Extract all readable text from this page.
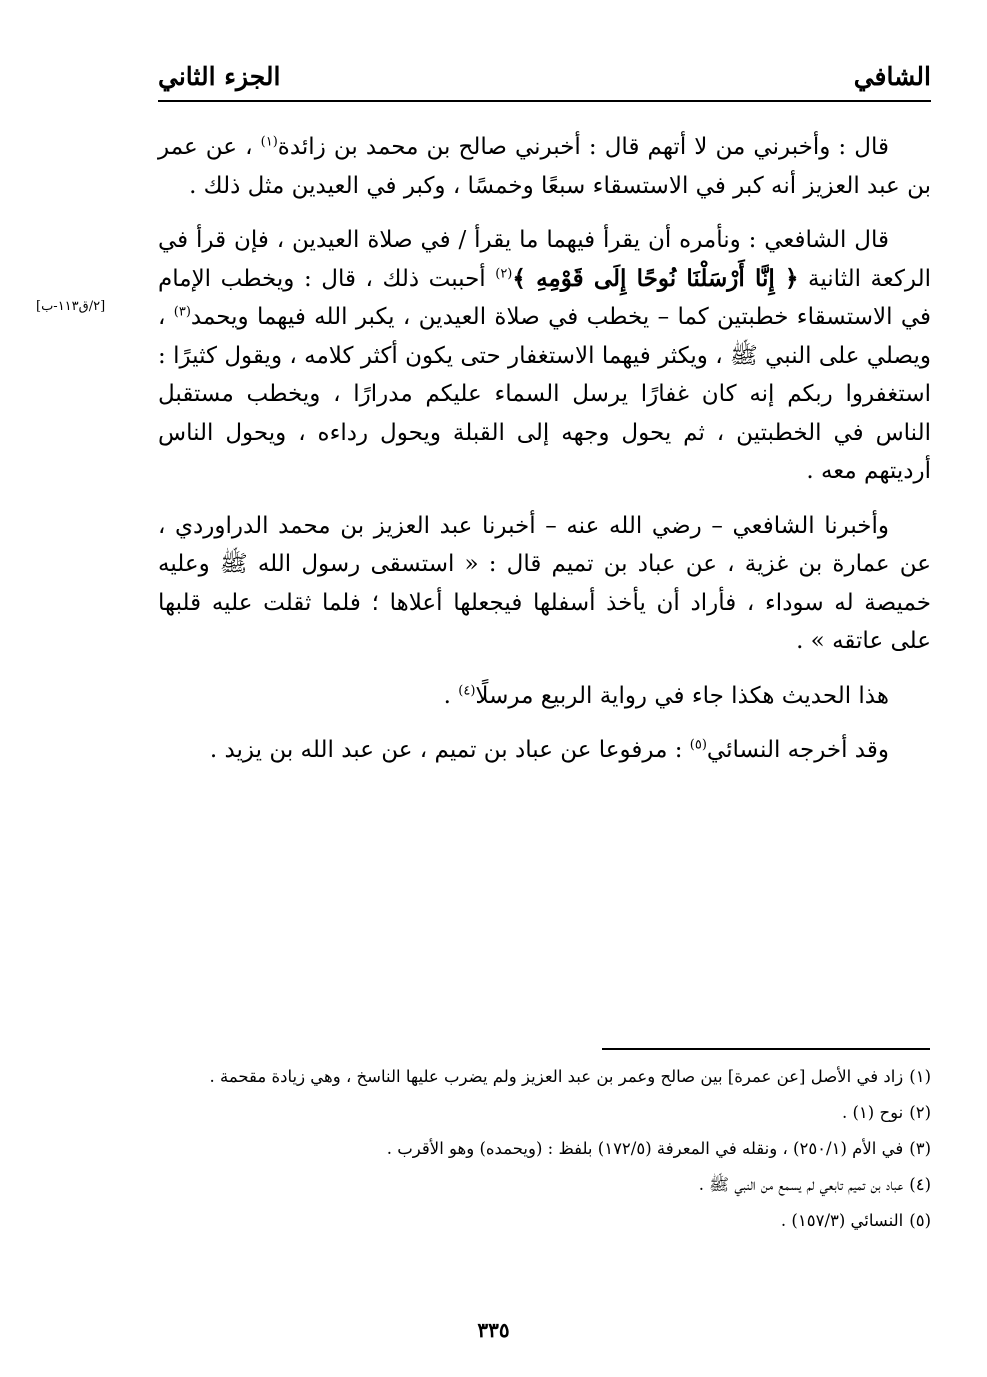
الشافي
الجزء الثاني
[٢/ق١١٣-ب]

قال : وأخبرني من لا أتهم قال : أخبرني صالح بن محمد بن زائدة$^{(١)}$ ، عن عمر بن عبد العزيز أنه كبر في الاستسقاء سبعًا وخمسًا ، وكبر في العيدين مثل ذلك .

قال الشافعي : ونأمره أن يقرأ فيهما ما يقرأ / في صلاة العيدين ، فإن قرأ في الركعة الثانية ﴿ إِنَّا أَرْسَلْنَا نُوحًا إِلَى قَوْمِهِ ﴾$^{(٢)}$ أحببت ذلك ، قال : ويخطب الإمام في الاستسقاء خطبتين كما – يخطب في صلاة العيدين ، يكبر الله فيهما ويحمد$^{(٣)}$ ، ويصلي على النبي ﷺ ، ويكثر فيهما الاستغفار حتى يكون أكثر كلامه ، ويقول كثيرًا : استغفروا ربكم إنه كان غفارًا يرسل السماء عليكم مدرارًا ، ويخطب مستقبل الناس في الخطبتين ، ثم يحول وجهه إلى القبلة ويحول رداءه ، ويحول الناس أرديتهم معه .

وأخبرنا الشافعي – رضي الله عنه – أخبرنا عبد العزيز بن محمد الدراوردي ، عن عمارة بن غزية ، عن عباد بن تميم قال : « استسقى رسول الله ﷺ وعليه خميصة له سوداء ، فأراد أن يأخذ أسفلها فيجعلها أعلاها ؛ فلما ثقلت عليه قلبها على عاتقه » .

هذا الحديث هكذا جاء في رواية الربيع مرسلًا$^{(٤)}$ .

وقد أخرجه النسائي$^{(٥)}$ : مرفوعا عن عباد بن تميم ، عن عبد الله بن يزيد .

(١)زاد في الأصل [عن عمرة] بين صالح وعمر بن عبد العزيز ولم يضرب عليها الناسخ ، وهي زيادة مقحمة .

(٢)نوح (١) .

(٣)في الأم (٢٥٠/١) ، ونقله في المعرفة (١٧٢/٥) بلفظ : (ويحمده) وهو الأقرب .

(٤)عباد بن تميم تابعي لم يسمع من النبي ﷺ .

(٥)النسائي (١٥٧/٣) .

٣٣٥
